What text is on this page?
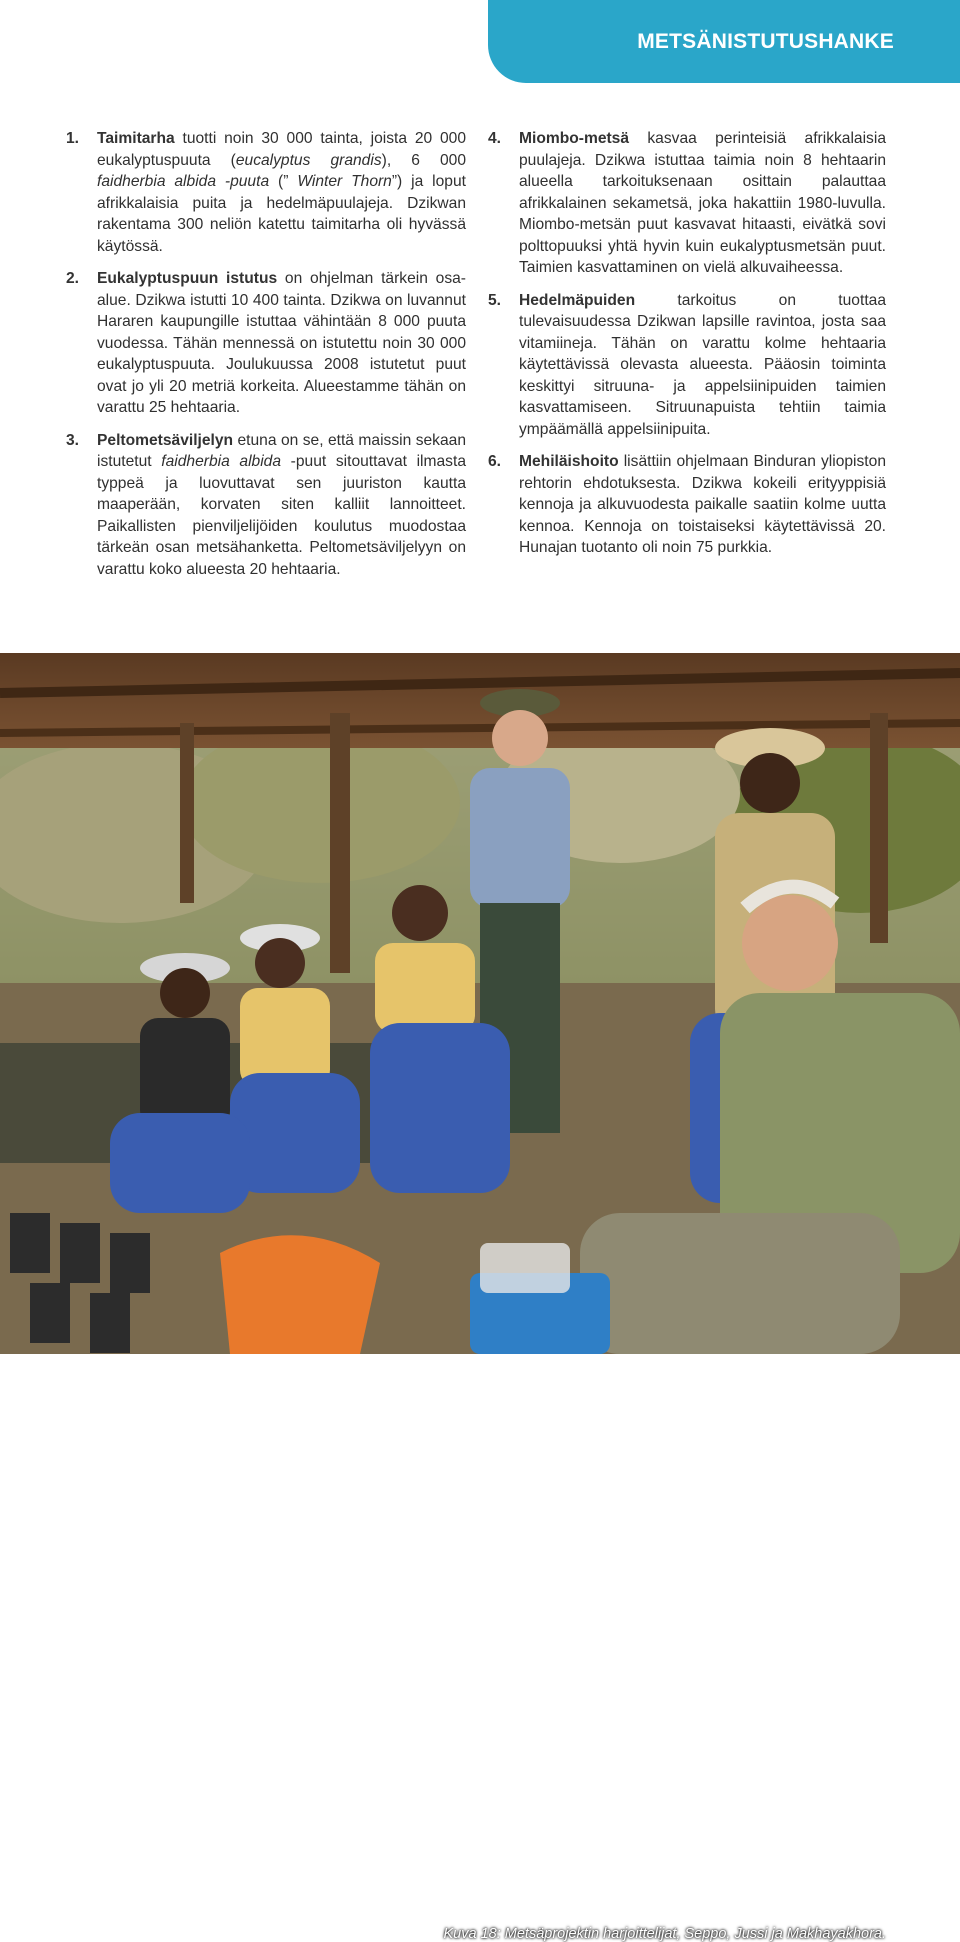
METSÄNISTUTUSHANKE
1.	Taimitarha tuotti noin 30 000 tainta, joista 20 000 eukalyptuspuuta (eucalyptus grandis), 6 000 faidherbia albida -puuta (” Winter Thorn”) ja loput afrikkalaisia puita ja hedelmäpuulajeja. Dzikwan rakentama 300 neliön katettu taimitarha oli hyvässä käytössä.
2.	Eukalyptuspuun istutus on ohjelman tärkein osa-alue. Dzikwa istutti 10 400 tainta. Dzikwa on luvannut Hararen kaupungille istuttaa vähintään 8 000 puuta vuodessa. Tähän mennessä on istutettu noin 30 000 eukalyptuspuuta. Joulukuussa 2008 istutetut puut ovat jo yli 20 metriä korkeita. Alueestamme tähän on varattu 25 hehtaaria.
3.	Peltometsäviljelyn etuna on se, että maissin sekaan istutetut faidherbia albida -puut sitouttavat ilmasta typpeä ja luovuttavat sen juuriston kautta maaperään, korvaten siten kalliit lannoitteet. Paikallisten pienviljelijöiden koulutus muodostaa tärkeän osan metsähanketta. Peltometsäviljelyyn on varattu koko alueesta 20 hehtaaria.
4.	Miombo-metsä kasvaa perinteisiä afrikkalaisia puulajeja. Dzikwa istuttaa taimia noin 8 hehtaarin alueella tarkoituksenaan osittain palauttaa afrikkalainen sekametsä, joka hakattiin 1980-luvulla. Miombo-metsän puut kasvavat hitaasti, eivätkä sovi polttopuuksi yhtä hyvin kuin eukalyptusmetsän puut. Taimien kasvattaminen on vielä alkuvaiheessa.
5.	Hedelmäpuiden tarkoitus on tuottaa tulevaisuudessa Dzikwan lapsille ravintoa, josta saa vitamiineja. Tähän on varattu kolme hehtaaria käytettävissä olevasta alueesta. Pääosin toiminta keskittyi sitruuna- ja appelsiinipuiden taimien kasvattamiseen. Sitruunapuista tehtiin taimia ympäämällä appelsiinipuita.
6.	Mehiläishoito lisättiin ohjelmaan Binduran yliopiston rehtorin ehdotuksesta. Dzikwa kokeili erityyppisiä kennoja ja alkuvuodesta paikalle saatiin kolme uutta kennoa. Kennoja on toistaiseksi käytettävissä 20. Hunajan tuotanto oli noin 75 purkkia.
Kuva 18: Metsäprojektin harjoittelijat, Seppo, Jussi ja Makhayakhora.
